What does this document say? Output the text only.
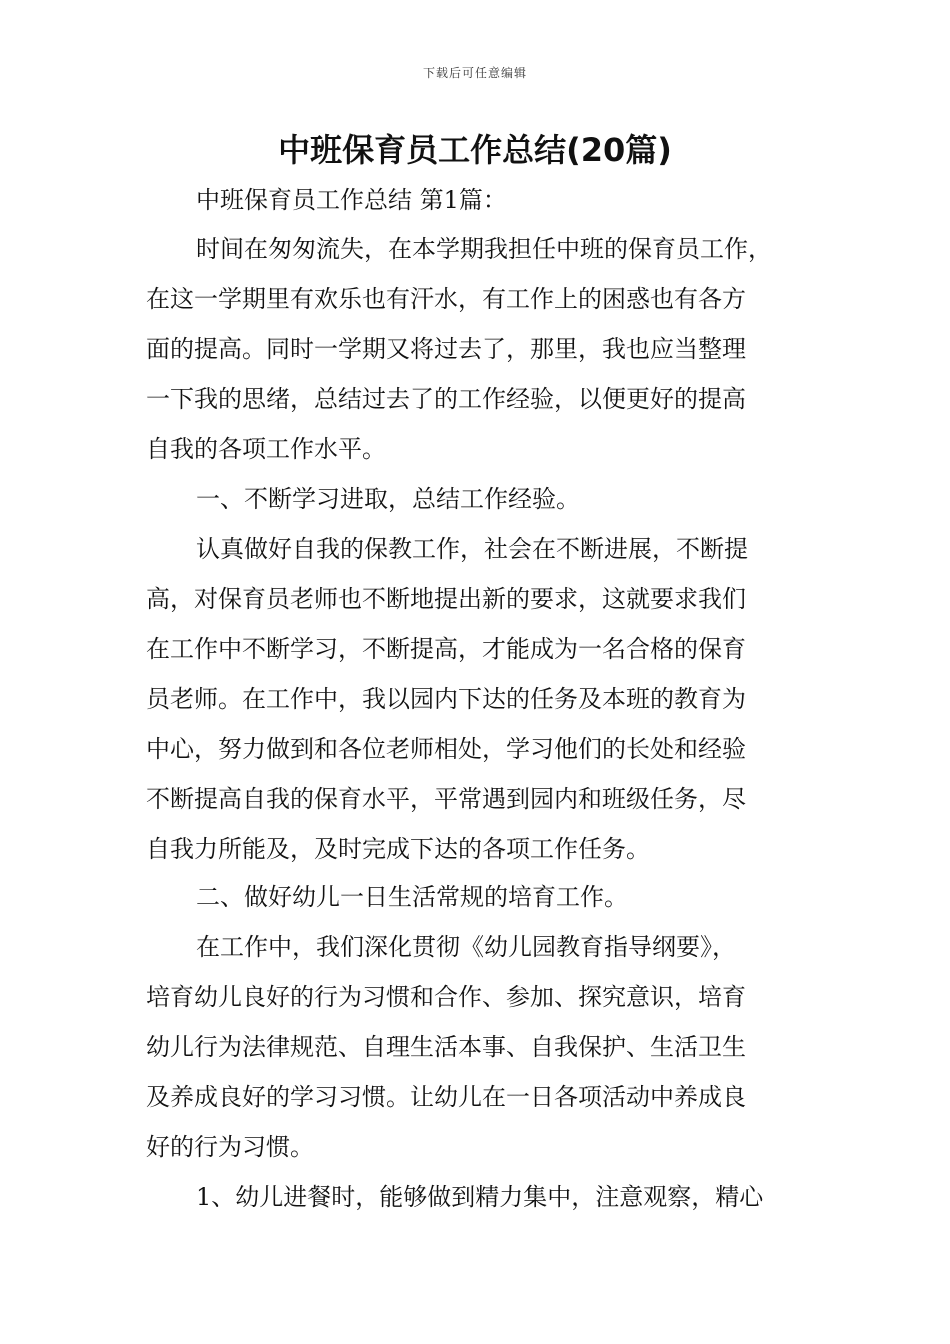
下载后可任意编辑
中班保育员工作总结(20篇)
中班保育员工作总结 第1篇：
时间在匆匆流失，在本学期我担任中班的保育员工作，
在这一学期里有欢乐也有汗水，有工作上的困惑也有各方
面的提高。同时一学期又将过去了，那里，我也应当整理
一下我的思绪，总结过去了的工作经验，以便更好的提高
自我的各项工作水平。
一、不断学习进取，总结工作经验。
认真做好自我的保教工作，社会在不断进展，不断提
高，对保育员老师也不断地提出新的要求，这就要求我们
在工作中不断学习，不断提高，才能成为一名合格的保育
员老师。在工作中，我以园内下达的任务及本班的教育为
中心，努力做到和各位老师相处，学习他们的长处和经验
不断提高自我的保育水平，平常遇到园内和班级任务，尽
自我力所能及，及时完成下达的各项工作任务。
二、做好幼儿一日生活常规的培育工作。
在工作中，我们深化贯彻《幼儿园教育指导纲要》，
培育幼儿良好的行为习惯和合作、参加、探究意识，培育
幼儿行为法律规范、自理生活本事、自我保护、生活卫生
及养成良好的学习习惯。让幼儿在一日各项活动中养成良
好的行为习惯。
1、幼儿进餐时，能够做到精力集中，注意观察，精心
